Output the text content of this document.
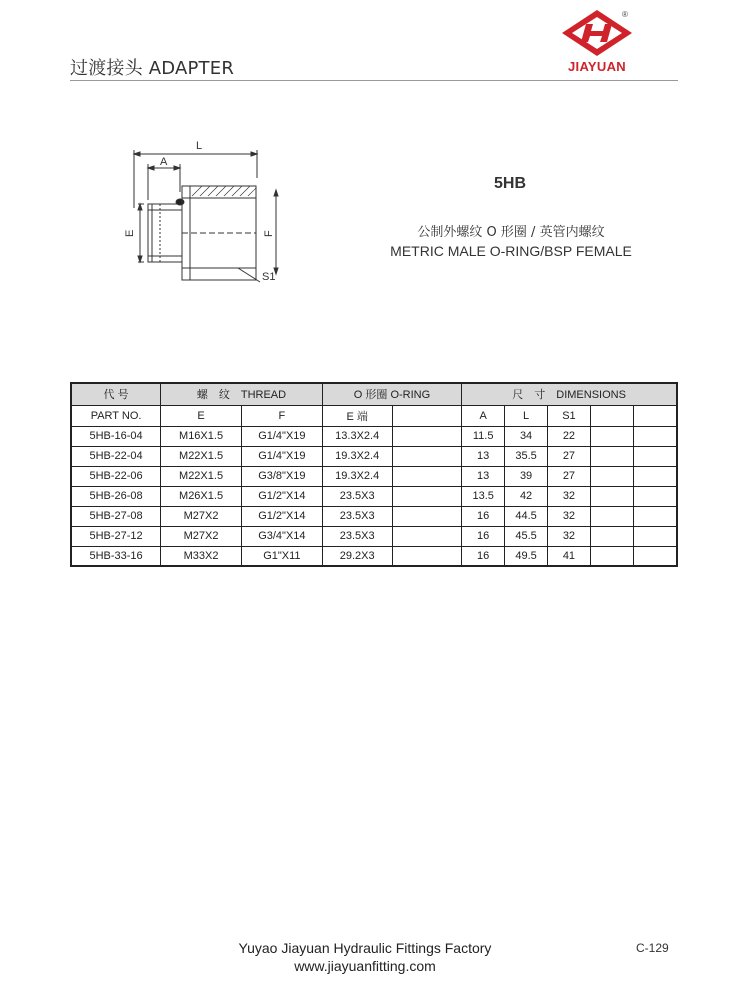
过渡接头 ADAPTER
®
JIAYUAN
L
A
E	F
S1
5HB
公制外螺纹 O 形圈 / 英管内螺纹
METRIC MALE O-RING/BSP FEMALE
代 号	螺　纹　THREAD		O 形圈 O-RING		尺　寸　DIMENSIONS				
PART NO.	E	F	E 端		A	L	S1		
5HB-16-04	M16X1.5	G1/4"X19	13.3X2.4		11.5	34	22		
5HB-22-04	M22X1.5	G1/4"X19	19.3X2.4		13	35.5	27		
5HB-22-06	M22X1.5	G3/8"X19	19.3X2.4		13	39	27		
5HB-26-08	M26X1.5	G1/2"X14	23.5X3		13.5	42	32		
5HB-27-08	M27X2	G1/2"X14	23.5X3		16	44.5	32		
5HB-27-12	M27X2	G3/4"X14	23.5X3		16	45.5	32		
5HB-33-16	M33X2	G1"X11	29.2X3		16	49.5	41		
Yuyao Jiayuan Hydraulic Fittings Factory
www.jiayuanfitting.com
C-129
